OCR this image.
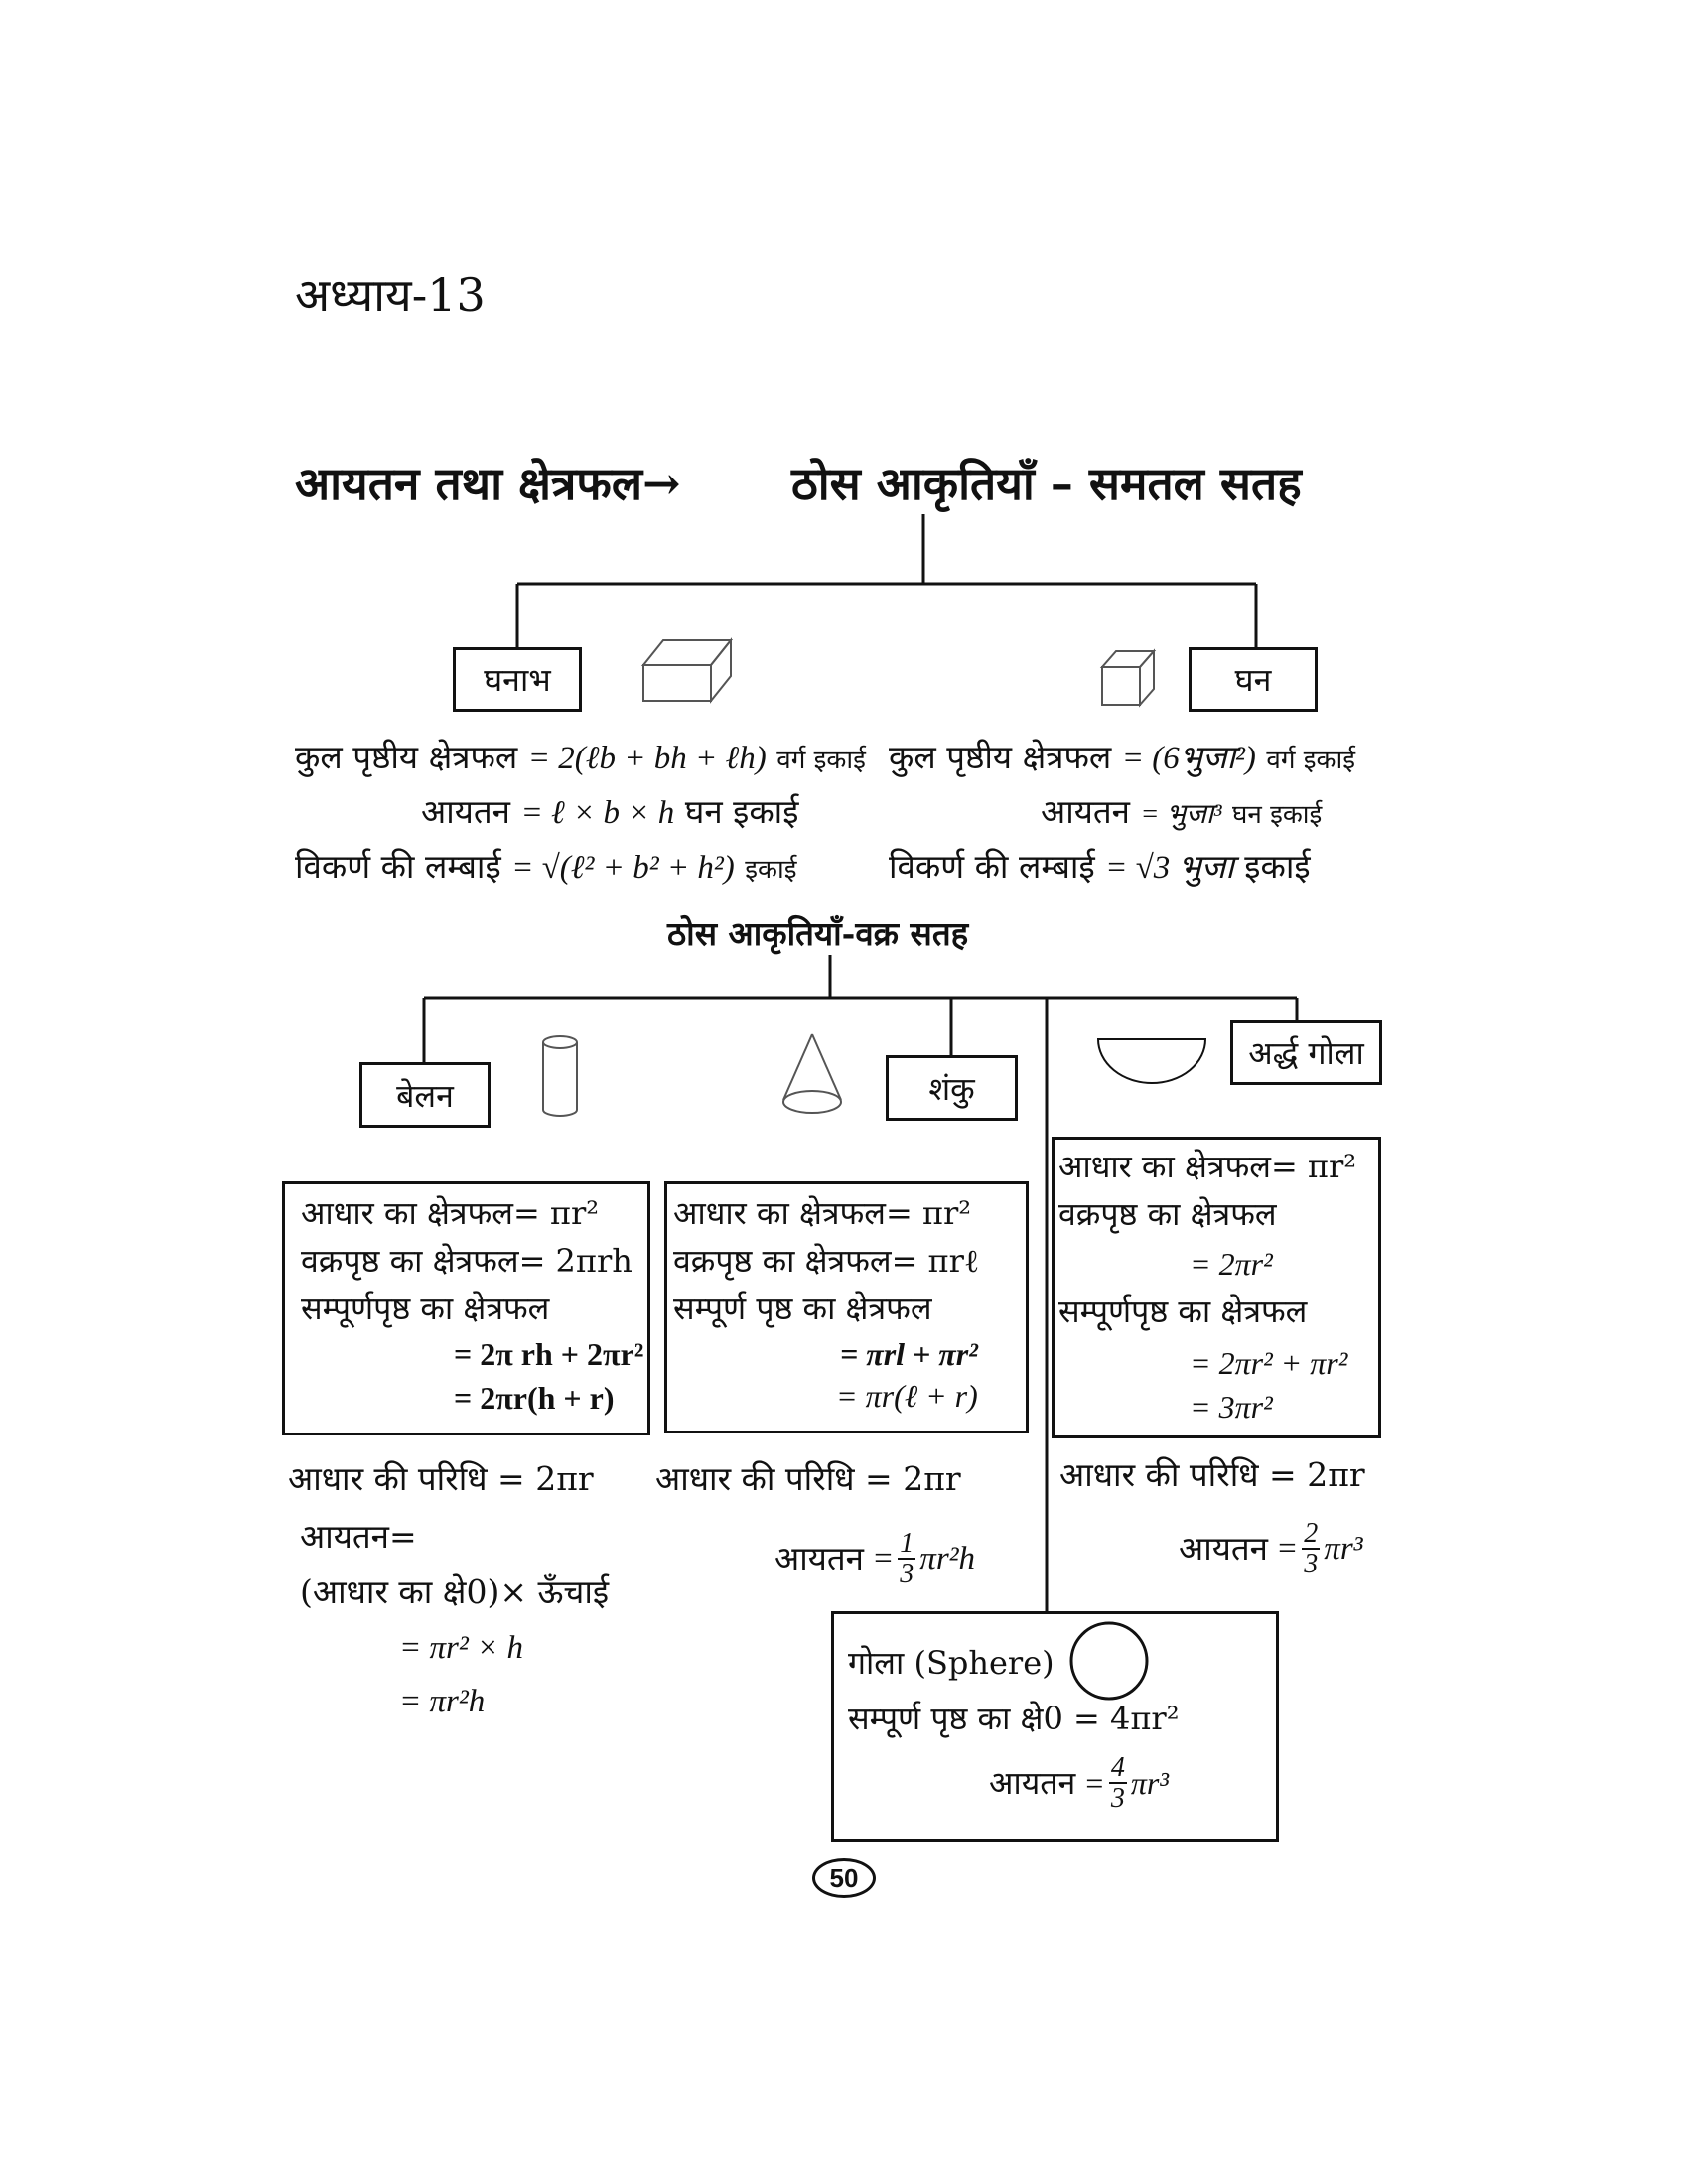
अध्याय-13
आयतन तथा क्षेत्रफल→ ठोस आकृतियाँ – समतल सतह
घनाभ	घन
कुल पृष्ठीय क्षेत्रफल = 2(ℓb + bh + ℓh) वर्ग इकाई
आयतन = ℓ × b × h घन इकाई
विकर्ण की लम्बाई = √(ℓ² + b² + h²) इकाई
कुल पृष्ठीय क्षेत्रफल = (6भुजा²) वर्ग इकाई
आयतन = भुजा³ घन इकाई
विकर्ण की लम्बाई = √3 भुजा इकाई
ठोस आकृतियाँ-वक्र सतह
बेलन	शंकु
अर्द्ध गोला
आधार का क्षेत्रफल= πr²
वक्रपृष्ठ का क्षेत्रफल= 2πrh
सम्पूर्णपृष्ठ का क्षेत्रफल
= 2π rh + 2πr²
= 2πr(h + r)
आधार का क्षेत्रफल= πr²
वक्रपृष्ठ का क्षेत्रफल= πrℓ
सम्पूर्ण पृष्ठ का क्षेत्रफल
= πrl + πr²
= πr(ℓ + r)
आधार का क्षेत्रफल= πr²
वक्रपृष्ठ का क्षेत्रफल
= 2πr²
सम्पूर्णपृष्ठ का क्षेत्रफल
= 2πr² + πr²
= 3πr²
आधार की परिधि = 2πr आधार की परिधि = 2πr	आधार की परिधि = 2πr
आयतन=
(आधार का क्षे0)× ऊँचाई
= πr² × h
= πr²h
आयतन = $\frac{1}{3} \pi r^2h$	आयतन = $\frac{2}{3} \pi r^3$
गोला (Sphere)
सम्पूर्ण पृष्ठ का क्षे0 = 4πr²
आयतन = $\frac{4}{3} \pi r^3$
50
